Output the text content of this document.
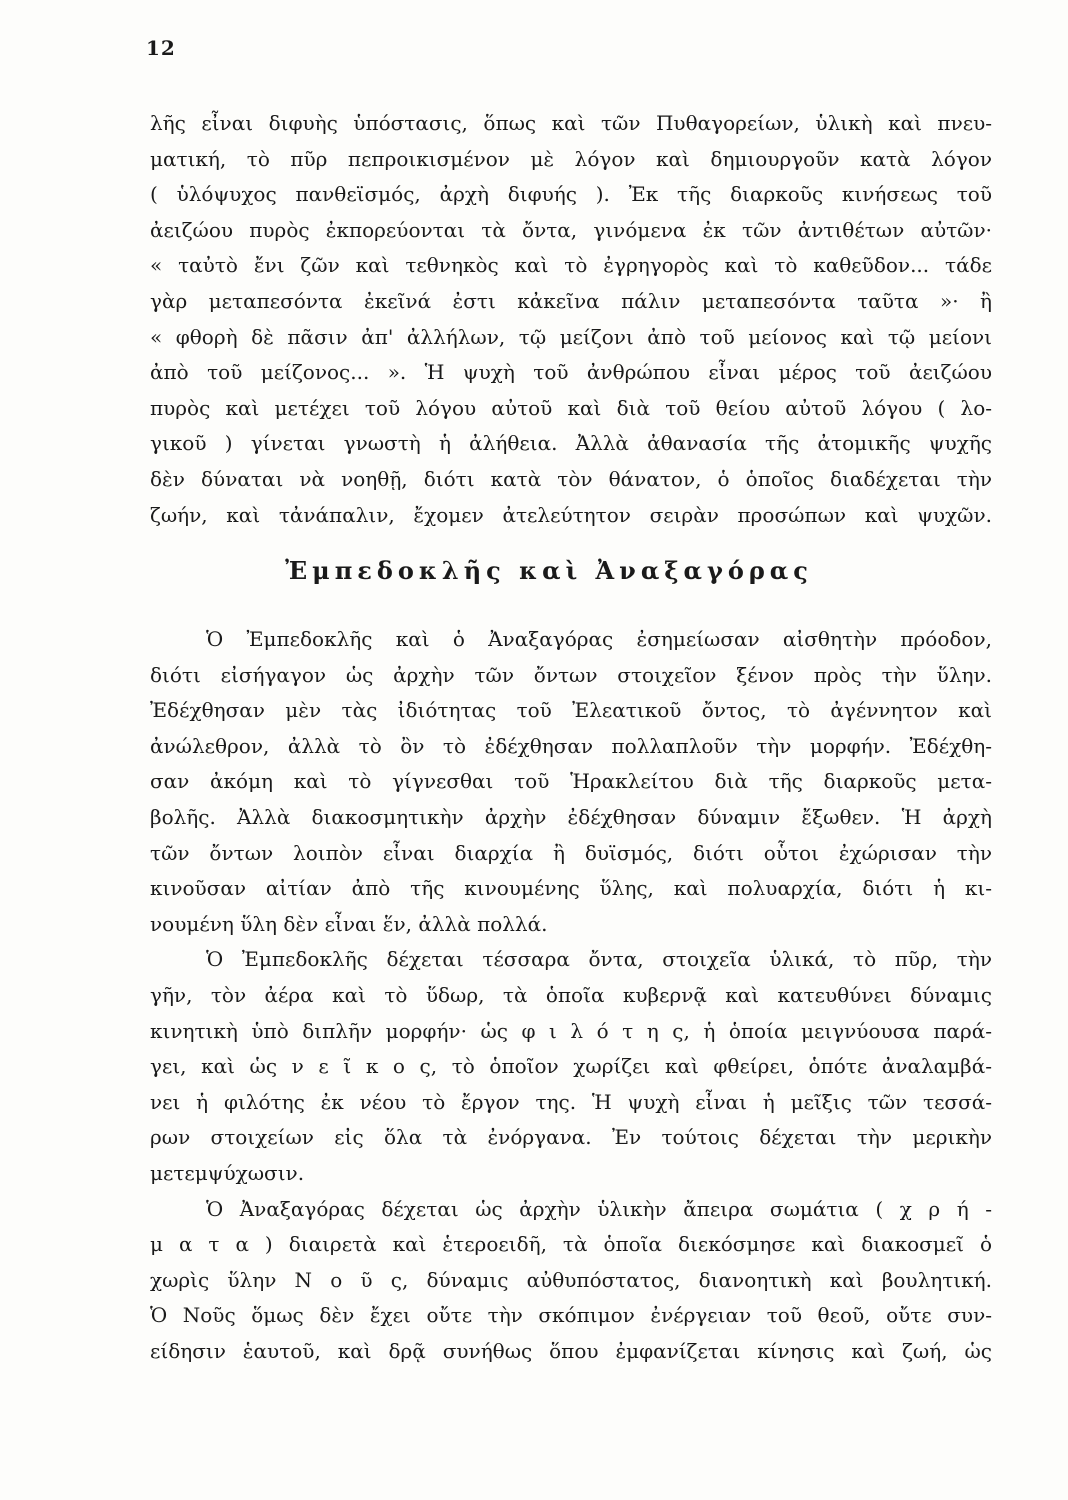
12
λῆς εἶναι διφυὴς ὑπόστασις, ὅπως καὶ τῶν Πυθαγορείων, ὑλικὴ καὶ πνευ-
ματική, τὸ πῦρ πεπροικισμένον μὲ λόγον καὶ δημιουργοῦν κατὰ λόγον
( ὑλόψυχος πανθεϊσμός, ἀρχὴ διφυής ). Ἐκ τῆς διαρκοῦς κινήσεως τοῦ
ἀειζώου πυρὸς ἐκπορεύονται τὰ ὄντα, γινόμενα ἐκ τῶν ἀντιθέτων αὐτῶν·
« ταὐτὸ ἔνι ζῶν καὶ τεθνηκὸς καὶ τὸ ἐγρηγορὸς καὶ τὸ καθεῦδον... τάδε
γὰρ μεταπεσόντα ἐκεῖνά ἐστι κἀκεῖνα πάλιν μεταπεσόντα ταῦτα »· ἢ
« φθορὴ δὲ πᾶσιν ἀπ' ἀλλήλων, τῷ μείζονι ἀπὸ τοῦ μείονος καὶ τῷ μείονι
ἀπὸ τοῦ μείζονος... ». Ἡ ψυχὴ τοῦ ἀνθρώπου εἶναι μέρος τοῦ ἀειζώου
πυρὸς καὶ μετέχει τοῦ λόγου αὐτοῦ καὶ διὰ τοῦ θείου αὐτοῦ λόγου ( λο-
γικοῦ ) γίνεται γνωστὴ ἡ ἀλήθεια. Ἀλλὰ ἀθανασία τῆς ἀτομικῆς ψυχῆς
δὲν δύναται νὰ νοηθῇ, διότι κατὰ τὸν θάνατον, ὁ ὁποῖος διαδέχεται τὴν
ζωήν, καὶ τἀνάπαλιν, ἔχομεν ἀτελεύτητον σειρὰν προσώπων καὶ ψυχῶν.
Ἐμπεδοκλῆς καὶ Ἀναξαγόρας
Ὁ Ἐμπεδοκλῆς καὶ ὁ Ἀναξαγόρας ἐσημείωσαν αἰσθητὴν πρόοδον,
διότι εἰσήγαγον ὡς ἀρχὴν τῶν ὄντων στοιχεῖον ξένον πρὸς τὴν ὕλην.
Ἐδέχθησαν μὲν τὰς ἰδιότητας τοῦ Ἐλεατικοῦ ὄντος, τὸ ἀγέννητον καὶ
ἀνώλεθρον, ἀλλὰ τὸ ὂν τὸ ἐδέχθησαν πολλαπλοῦν τὴν μορφήν. Ἐδέχθη-
σαν ἀκόμη καὶ τὸ γίγνεσθαι τοῦ Ἡρακλείτου διὰ τῆς διαρκοῦς μετα-
βολῆς. Ἀλλὰ διακοσμητικὴν ἀρχὴν ἐδέχθησαν δύναμιν ἔξωθεν. Ἡ ἀρχὴ
τῶν ὄντων λοιπὸν εἶναι διαρχία ἢ δυϊσμός, διότι οὗτοι ἐχώρισαν τὴν
κινοῦσαν αἰτίαν ἀπὸ τῆς κινουμένης ὕλης, καὶ πολυαρχία, διότι ἡ κι-
νουμένη ὕλη δὲν εἶναι ἕν, ἀλλὰ πολλά.
Ὁ Ἐμπεδοκλῆς δέχεται τέσσαρα ὄντα, στοιχεῖα ὑλικά, τὸ πῦρ, τὴν
γῆν, τὸν ἀέρα καὶ τὸ ὕδωρ, τὰ ὁποῖα κυβερνᾷ καὶ κατευθύνει δύναμις
κινητικὴ ὑπὸ διπλῆν μορφήν· ὡς φ ι λ ό τ η ς, ἡ ὁποία μειγνύουσα παρά-
γει, καὶ ὡς ν ε ῖ κ ο ς, τὸ ὁποῖον χωρίζει καὶ φθείρει, ὁπότε ἀναλαμβά-
νει ἡ φιλότης ἐκ νέου τὸ ἔργον της. Ἡ ψυχὴ εἶναι ἡ μεῖξις τῶν τεσσά-
ρων στοιχείων εἰς ὅλα τὰ ἐνόργανα. Ἐν τούτοις δέχεται τὴν μερικὴν
μετεμψύχωσιν.
Ὁ Ἀναξαγόρας δέχεται ὡς ἀρχὴν ὑλικὴν ἄπειρα σωμάτια ( χ ρ ή -
μ α τ α ) διαιρετὰ καὶ ἑτεροειδῆ, τὰ ὁποῖα διεκόσμησε καὶ διακοσμεῖ ὁ
χωρὶς ὕλην Ν ο ῦ ς, δύναμις αὐθυπόστατος, διανοητικὴ καὶ βουλητική.
Ὁ Νοῦς ὅμως δὲν ἔχει οὔτε τὴν σκόπιμον ἐνέργειαν τοῦ θεοῦ, οὔτε συν-
είδησιν ἑαυτοῦ, καὶ δρᾷ συνήθως ὅπου ἐμφανίζεται κίνησις καὶ ζωή, ὡς
